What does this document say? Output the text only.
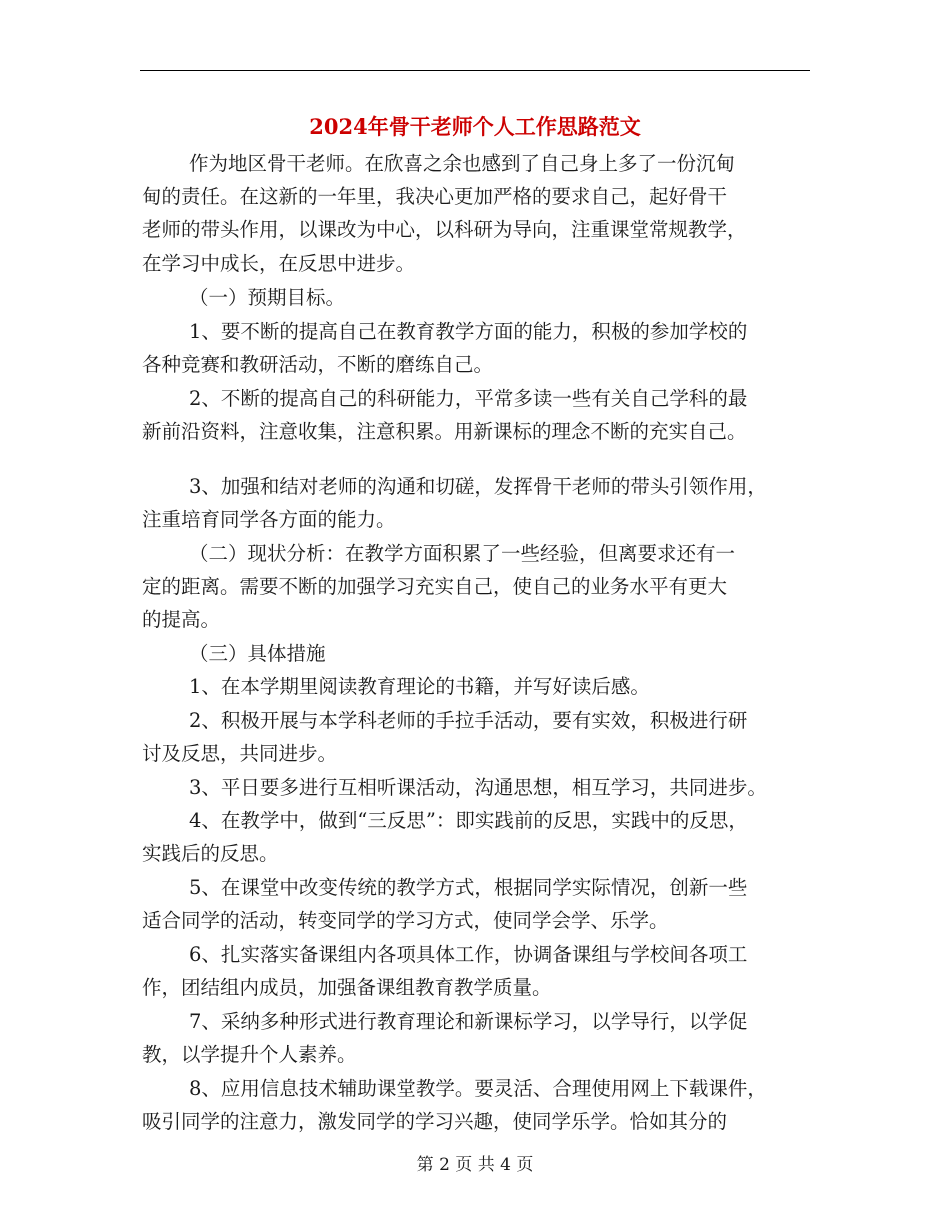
2024年骨干老师个人工作思路范文
作为地区骨干老师。在欣喜之余也感到了自己身上多了一份沉甸
甸的责任。在这新的一年里，我决心更加严格的要求自己，起好骨干
老师的带头作用，以课改为中心，以科研为导向，注重课堂常规教学，
在学习中成长，在反思中进步。
（一）预期目标。
1、要不断的提高自己在教育教学方面的能力，积极的参加学校的
各种竞赛和教研活动，不断的磨练自己。
2、不断的提高自己的科研能力，平常多读一些有关自己学科的最
新前沿资料，注意收集，注意积累。用新课标的理念不断的充实自己。
3、加强和结对老师的沟通和切磋，发挥骨干老师的带头引领作用，
注重培育同学各方面的能力。
（二）现状分析：在教学方面积累了一些经验，但离要求还有一
定的距离。需要不断的加强学习充实自己，使自己的业务水平有更大
的提高。
（三）具体措施
1、在本学期里阅读教育理论的书籍，并写好读后感。
2、积极开展与本学科老师的手拉手活动，要有实效，积极进行研
讨及反思，共同进步。
3、平日要多进行互相听课活动，沟通思想，相互学习，共同进步。
4、在教学中，做到“三反思”：即实践前的反思，实践中的反思，
实践后的反思。
5、在课堂中改变传统的教学方式，根据同学实际情况，创新一些
适合同学的活动，转变同学的学习方式，使同学会学、乐学。
6、扎实落实备课组内各项具体工作，协调备课组与学校间各项工
作，团结组内成员，加强备课组教育教学质量。
7、采纳多种形式进行教育理论和新课标学习，以学导行，以学促
教，以学提升个人素养。
8、应用信息技术辅助课堂教学。要灵活、合理使用网上下载课件，
吸引同学的注意力，激发同学的学习兴趣，使同学乐学。恰如其分的
第 2 页 共 4 页
